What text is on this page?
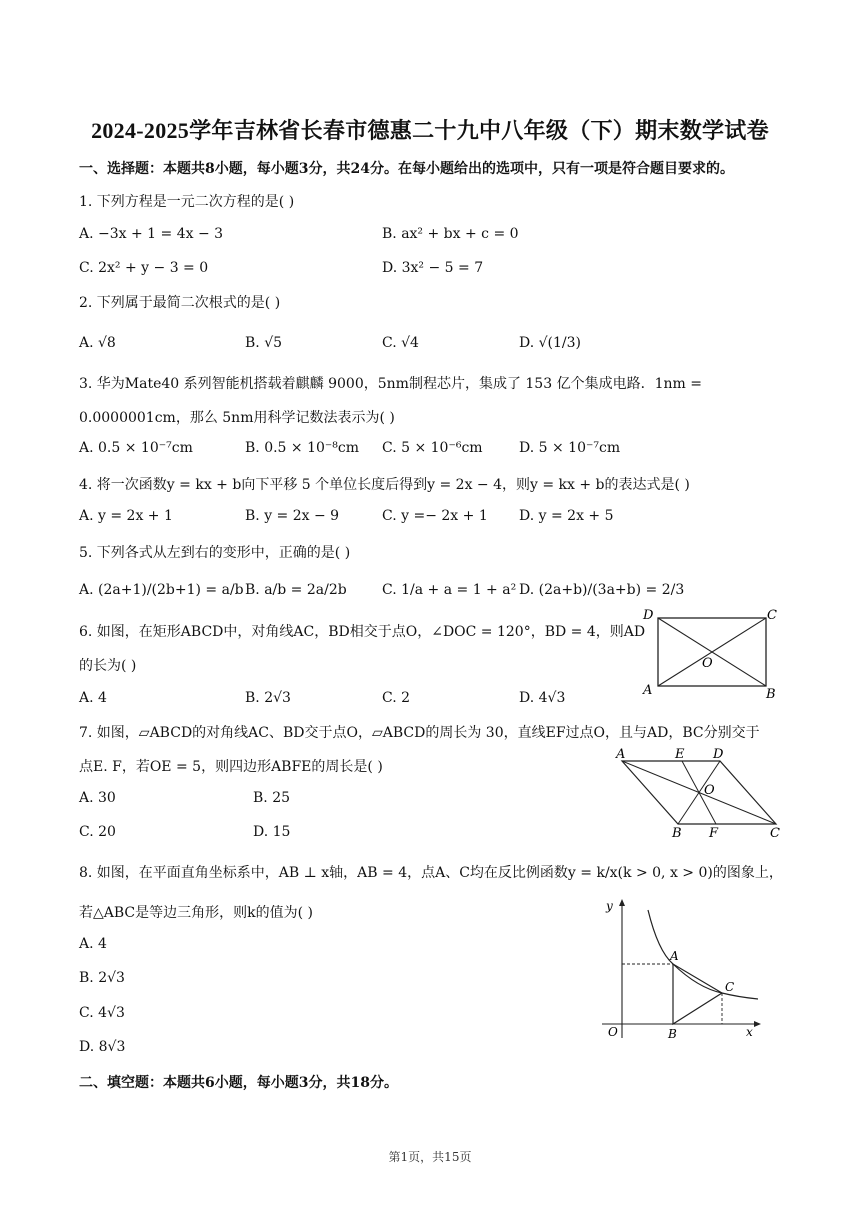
2024-2025学年吉林省长春市德惠二十九中八年级（下）期末数学试卷
一、选择题：本题共8小题，每小题3分，共24分。在每小题给出的选项中，只有一项是符合题目要求的。
1. 下列方程是一元二次方程的是( )
A. −3x + 1 = 4x − 3	B. ax² + bx + c = 0
C. 2x² + y − 3 = 0	D. 3x² − 5 = 7
2. 下列属于最简二次根式的是( )
A. √8	B. √5	C. √4	D. √(1/3)
3. 华为Mate40 系列智能机搭载着麒麟 9000，5nm制程芯片，集成了 153 亿个集成电路．1nm =
0.0000001cm，那么 5nm用科学记数法表示为( )
A. 0.5 × 10⁻⁷cm	B. 0.5 × 10⁻⁸cm C. 5 × 10⁻⁶cm	D. 5 × 10⁻⁷cm
4. 将一次函数y = kx + b向下平移 5 个单位长度后得到y = 2x − 4，则y = kx + b的表达式是( )
A. y = 2x + 1	B. y = 2x − 9	C. y =− 2x + 1 D. y = 2x + 5
5. 下列各式从左到右的变形中，正确的是( )
A. (2a+1)/(2b+1) = a/b B. a/b = 2a/2b	C. 1/a + a = 1 + a² D. (2a+b)/(3a+b) = 2/3
6. 如图，在矩形ABCD中，对角线AC，BD相交于点O，∠DOC = 120°，BD = 4，则AD
的长为( )
A. 4	B. 2√3	C. 2	D. 4√3
D	C
O
A	B
7. 如图，▱ABCD的对角线AC、BD交于点O，▱ABCD的周长为 30，直线EF过点O，且与AD，BC分别交于
点E. F，若OE = 5，则四边形ABFE的周长是( )
A. 30	B. 25
C. 20	D. 15
A	E D
O
B F	C
8. 如图，在平面直角坐标系中，AB ⊥ x轴，AB = 4，点A、C均在反比例函数y = k/x(k > 0, x > 0)的图象上，
若△ABC是等边三角形，则k的值为( )
A. 4
B. 2√3
C. 4√3
D. 8√3
y
A
C
O	B	x
二、填空题：本题共6小题，每小题3分，共18分。
第1页，共15页
